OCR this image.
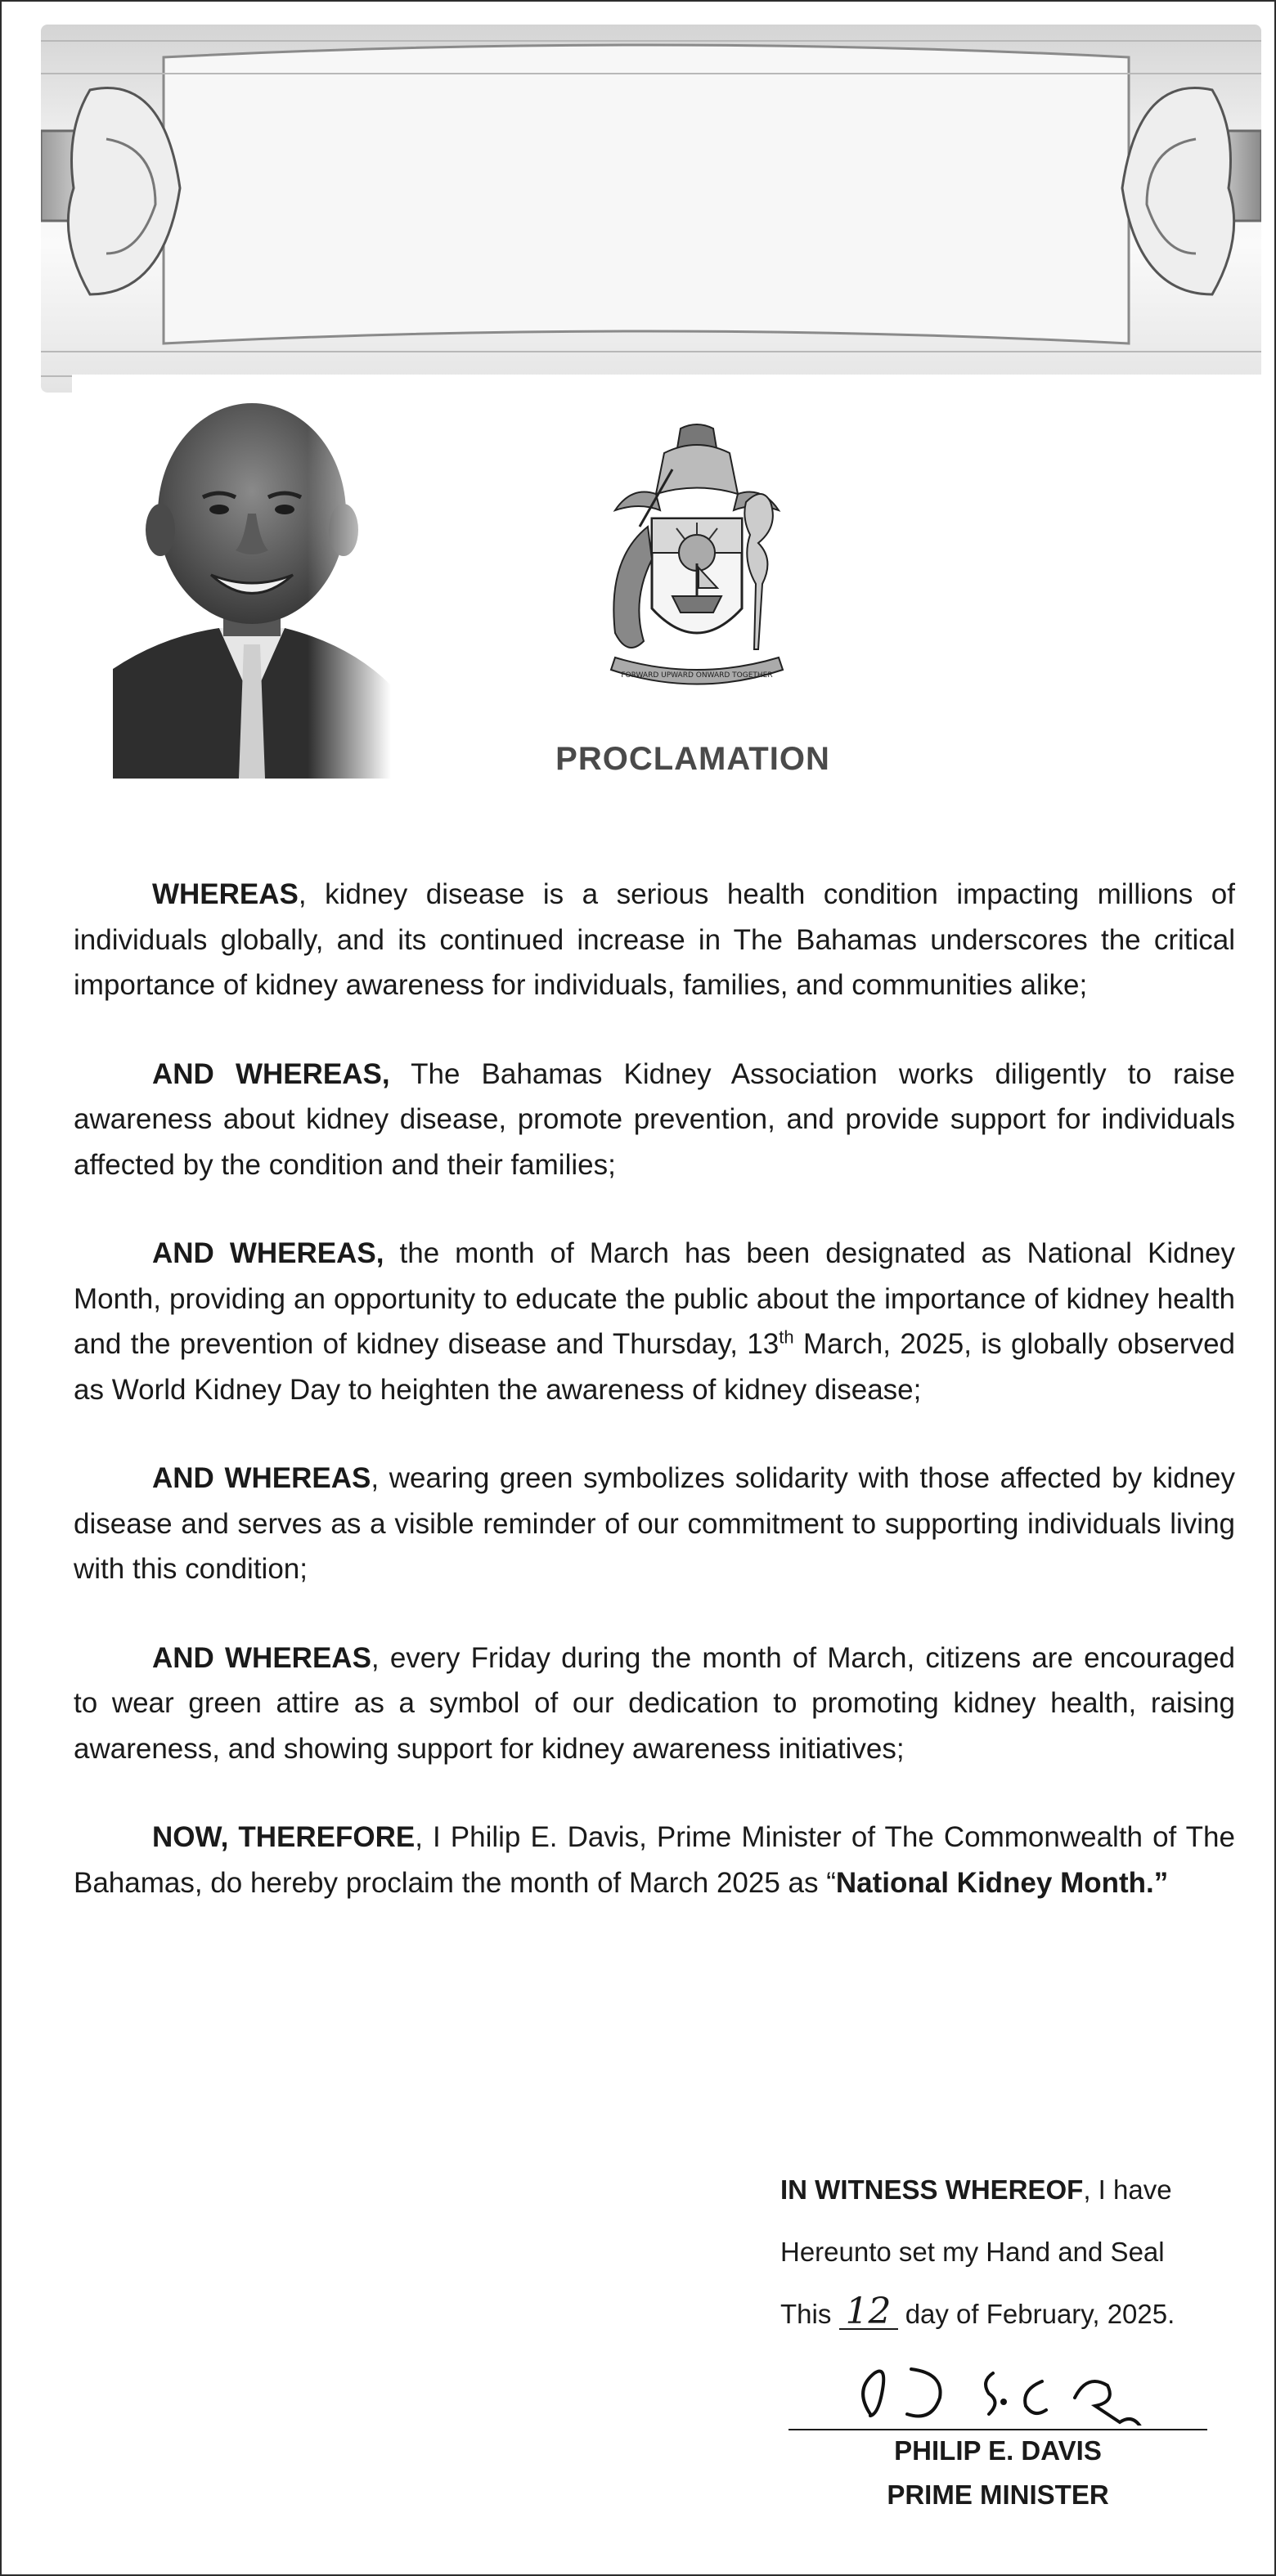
FORWARD UPWARD ONWARD TOGETHER
PROCLAMATION

WHEREAS, kidney disease is a serious health condition impacting millions of individuals globally, and its continued increase in The Bahamas underscores the critical importance of kidney awareness for individuals, families, and communities alike;

AND WHEREAS, The Bahamas Kidney Association works diligently to raise awareness about kidney disease, promote prevention, and provide support for individuals affected by the condition and their families;

AND WHEREAS, the month of March has been designated as National Kidney Month, providing an opportunity to educate the public about the importance of kidney health and the prevention of kidney disease and Thursday, 13th March, 2025, is globally observed as World Kidney Day to heighten the awareness of kidney disease;

AND WHEREAS, wearing green symbolizes solidarity with those affected by kidney disease and serves as a visible reminder of our commitment to supporting individuals living with this condition;

AND WHEREAS, every Friday during the month of March, citizens are encouraged to wear green attire as a symbol of our dedication to promoting kidney health, raising awareness, and showing support for kidney awareness initiatives;

NOW, THEREFORE, I Philip E. Davis, Prime Minister of The Commonwealth of The Bahamas, do hereby proclaim the month of March 2025 as “National Kidney Month.”

IN WITNESS WHEREOF, I have
Hereunto set my Hand and Seal
This 12 day of February, 2025.
PHILIP E. DAVIS
PRIME MINISTER
